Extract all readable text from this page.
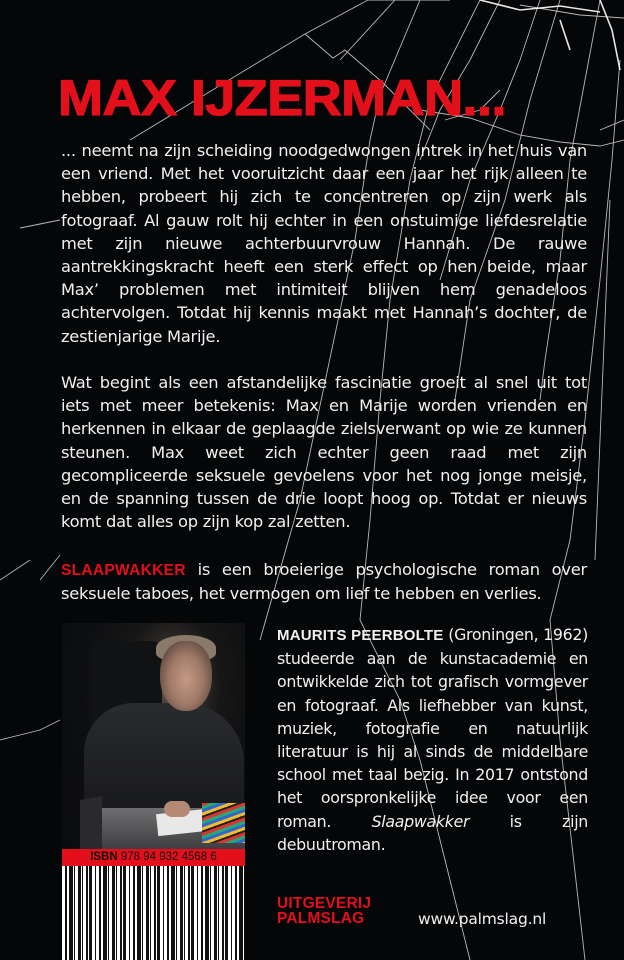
MAX IJZERMAN...

... neemt na zijn scheiding noodgedwongen intrek in het huis van een vriend. Met het vooruitzicht daar een jaar het rijk alleen te hebben, probeert hij zich te concentreren op zijn werk als fotograaf. Al gauw rolt hij echter in een onstuimige liefdesrelatie met zijn nieuwe achterbuurvrouw Hannah. De rauwe aantrekkingskracht heeft een sterk effect op hen beide, maar Max’ problemen met intimiteit blijven hem genadeloos achtervolgen. Totdat hij kennis maakt met Hannah’s dochter, de zestienjarige Marije.

Wat begint als een afstandelijke fascinatie groeit al snel uit tot iets met meer betekenis: Max en Marije worden vrienden en herkennen in elkaar de geplaagde zielsverwant op wie ze kunnen steunen. Max weet zich echter geen raad met zijn gecompliceerde seksuele gevoelens voor het nog jonge meisje, en de spanning tussen de drie loopt hoog op. Totdat er nieuws komt dat alles op zijn kop zal zetten.

SLAAPWAKKER is een broeierige psychologische roman over seksuele taboes, het vermogen om lief te hebben en verlies.

ISBN 978 94 932 4568 6

MAURITS PEERBOLTE (Groningen, 1962) studeerde aan de kunstacademie en ontwikkelde zich tot grafisch vormgever en fotograaf. Als liefhebber van kunst, muziek, fotografie en natuurlijk literatuur is hij al sinds de middelbare school met taal bezig. In 2017 ontstond het oorspronkelijke idee voor een roman. Slaapwakker is zijn debuutroman.

UITGEVERIJ
PALMSLAG	www.palmslag.nl
